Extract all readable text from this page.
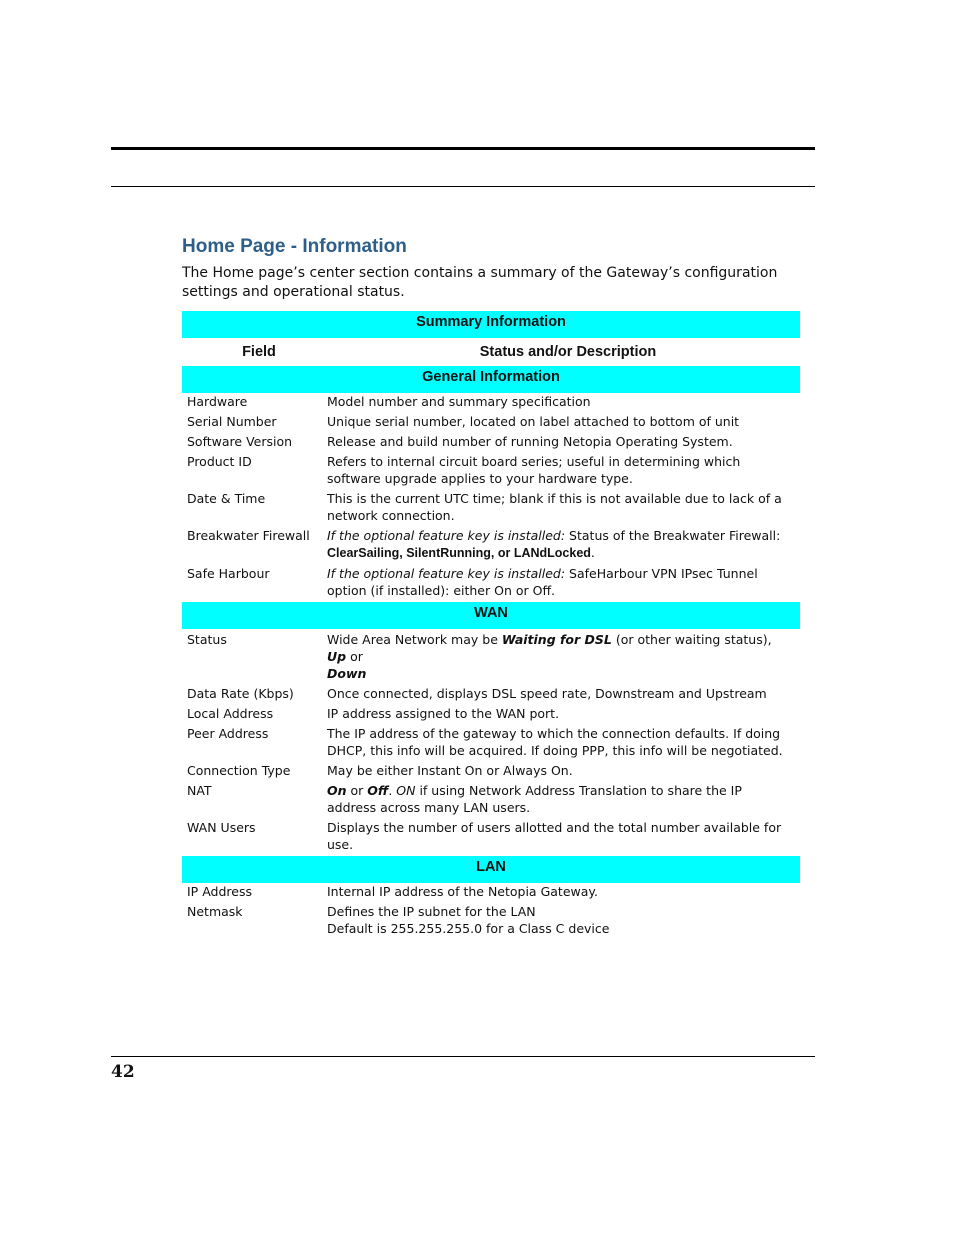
Home Page - Information

The Home page’s center section contains a summary of the Gateway’s configuration settings and operational status.

Summary Information
Field	Status and/or Description
General Information
Hardware	Model number and summary specification
Serial Number	Unique serial number, located on label attached to bottom of unit
Software Version	Release and build number of running Netopia Operating System.
Product ID	Refers to internal circuit board series; useful in determining which software upgrade applies to your hardware type.
Date & Time	This is the current UTC time; blank if this is not available due to lack of a network connection.
Breakwater Firewall	If the optional feature key is installed: Status of the Breakwater Firewall:
ClearSailing, SilentRunning, or LANdLocked.
Safe Harbour	If the optional feature key is installed: SafeHarbour VPN IPsec Tunnel option (if installed): either On or Off.
WAN
Status	Wide Area Network may be Waiting for DSL (or other waiting status), Up or
Down
Data Rate (Kbps)	Once connected, displays DSL speed rate, Downstream and Upstream
Local Address	IP address assigned to the WAN port.
Peer Address	The IP address of the gateway to which the connection defaults. If doing DHCP, this info will be acquired. If doing PPP, this info will be negotiated.
Connection Type	May be either Instant On or Always On.
NAT	On or Off. ON if using Network Address Translation to share the IP address across many LAN users.
WAN Users	Displays the number of users allotted and the total number available for use.
LAN
IP Address	Internal IP address of the Netopia Gateway.
Netmask	Defines the IP subnet for the LAN
Default is 255.255.255.0 for a Class C device
42
